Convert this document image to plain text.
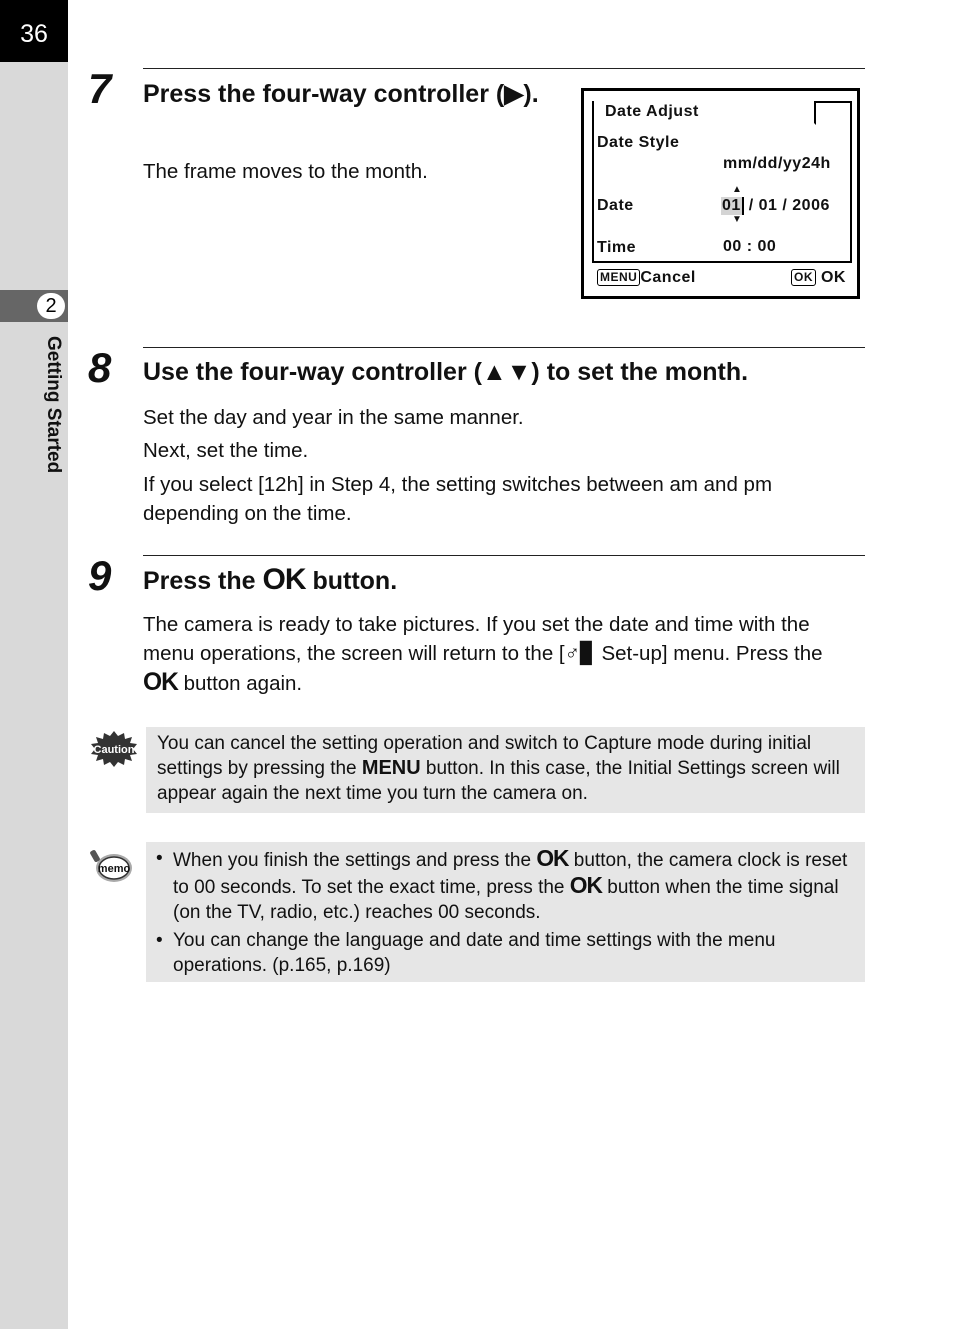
36
2
Getting Started
7 Press the four-way controller (▶).
The frame moves to the month.
Date Adjust
Date Style
mm/dd/yy24h
Date
▲
01 / 01 / 2006
▼
Time	00 : 00
MENU Cancel	OK OK
8 Use the four-way controller (▲▼) to set the month.
Set the day and year in the same manner.
Next, set the time.
If you select [12h] in Step 4, the setting switches between am and pm depending on the time.
9 Press the OK button.
The camera is ready to take pictures. If you set the date and time with the menu operations, the screen will return to the [♂▊ Set-up] menu. Press the OK button again.
Caution	You can cancel the setting operation and switch to Capture mode during initial settings by pressing the MENU button. In this case, the Initial Settings screen will appear again the next time you turn the camera on.
memo
•	When you finish the settings and press the OK button, the camera clock is reset to 00 seconds. To set the exact time, press the OK button when the time signal (on the TV, radio, etc.) reaches 00 seconds.
• You can change the language and date and time settings with the menu operations. (p.165, p.169)
